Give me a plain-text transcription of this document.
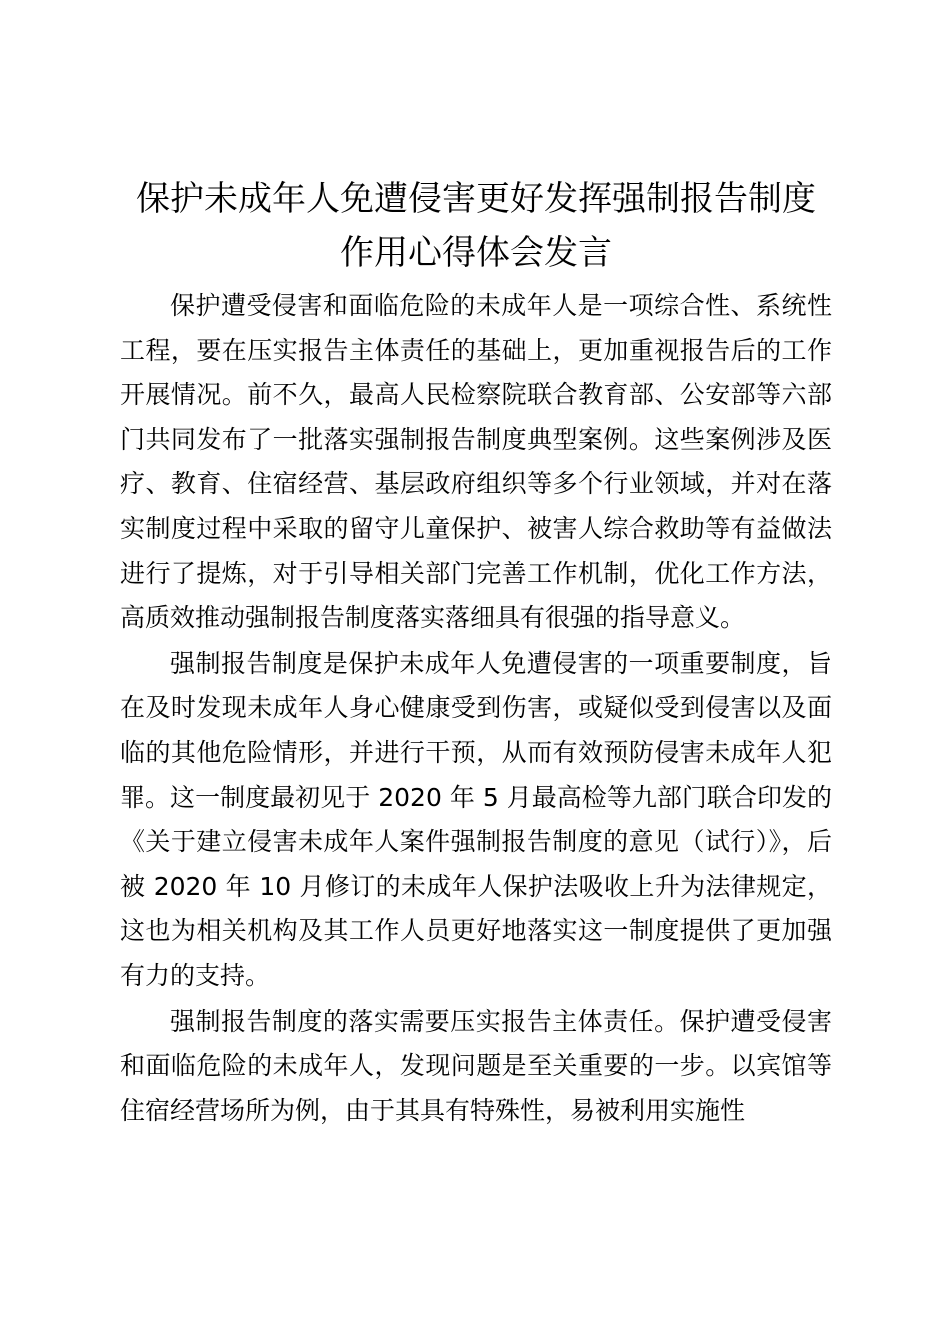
保护未成年人免遭侵害更好发挥强制报告制度
作用心得体会发言

保护遭受侵害和面临危险的未成年人是一项综合性、系统性工程，要在压实报告主体责任的基础上，更加重视报告后的工作开展情况。前不久，最高人民检察院联合教育部、公安部等六部门共同发布了一批落实强制报告制度典型案例。这些案例涉及医疗、教育、住宿经营、基层政府组织等多个行业领域，并对在落实制度过程中采取的留守儿童保护、被害人综合救助等有益做法进行了提炼，对于引导相关部门完善工作机制，优化工作方法，高质效推动强制报告制度落实落细具有很强的指导意义。

强制报告制度是保护未成年人免遭侵害的一项重要制度，旨在及时发现未成年人身心健康受到伤害，或疑似受到侵害以及面临的其他危险情形，并进行干预，从而有效预防侵害未成年人犯罪。这一制度最初见于 2020 年 5 月最高检等九部门联合印发的《关于建立侵害未成年人案件强制报告制度的意见（试行）》，后被 2020 年 10 月修订的未成年人保护法吸收上升为法律规定，这也为相关机构及其工作人员更好地落实这一制度提供了更加强有力的支持。

强制报告制度的落实需要压实报告主体责任。保护遭受侵害和面临危险的未成年人，发现问题是至关重要的一步。以宾馆等住宿经营场所为例，由于其具有特殊性，易被利用实施性
